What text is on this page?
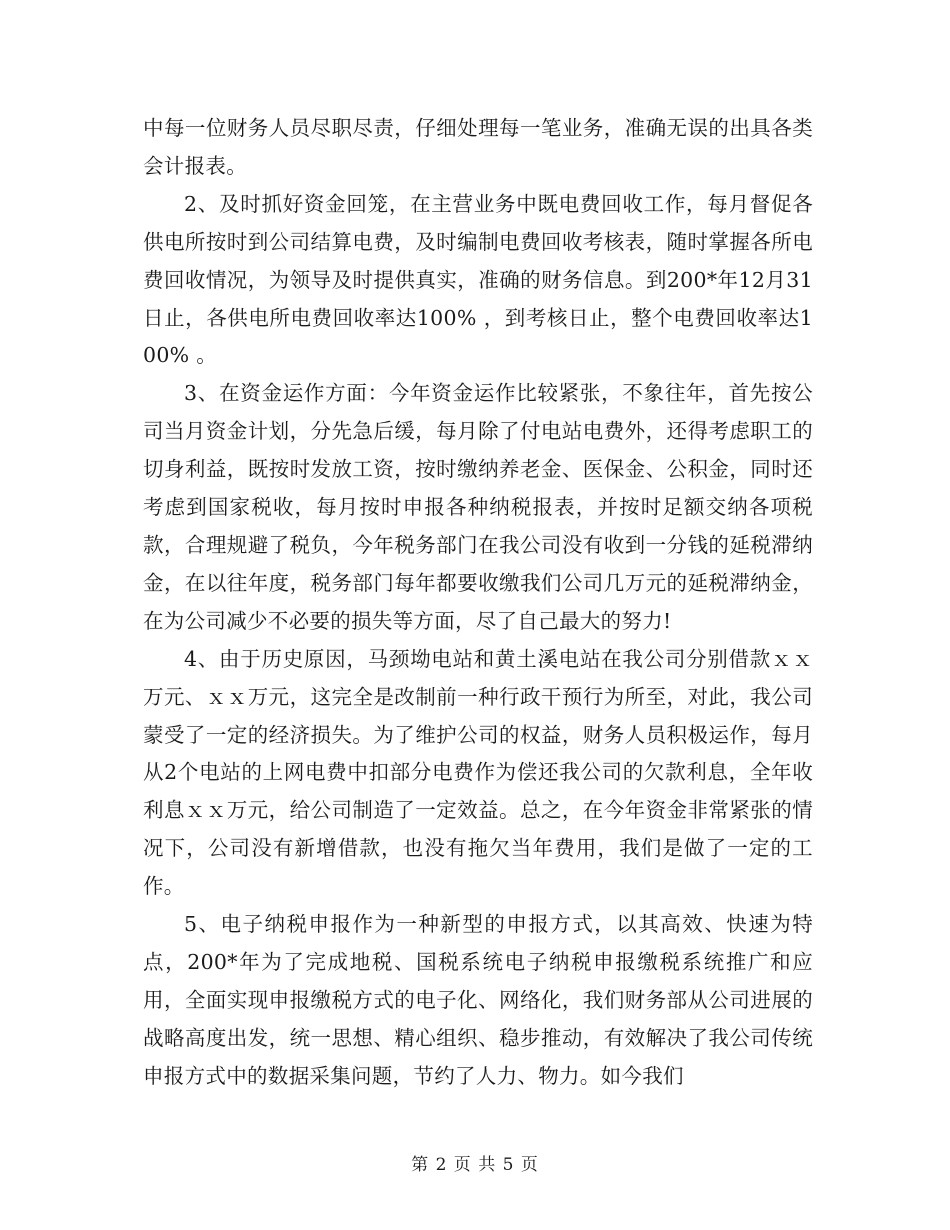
中每一位财务人员尽职尽责，仔细处理每一笔业务，准确无误的出具各类会计报表。

2、及时抓好资金回笼，在主营业务中既电费回收工作，每月督促各供电所按时到公司结算电费，及时编制电费回收考核表，随时掌握各所电费回收情况，为领导及时提供真实，准确的财务信息。到200*年12月31日止，各供电所电费回收率达100% ，到考核日止，整个电费回收率达100% 。

3、在资金运作方面：今年资金运作比较紧张，不象往年，首先按公司当月资金计划，分先急后缓，每月除了付电站电费外，还得考虑职工的切身利益，既按时发放工资，按时缴纳养老金、医保金、公积金，同时还考虑到国家税收，每月按时申报各种纳税报表，并按时足额交纳各项税款，合理规避了税负，今年税务部门在我公司没有收到一分钱的延税滞纳金，在以往年度，税务部门每年都要收缴我们公司几万元的延税滞纳金，在为公司减少不必要的损失等方面，尽了自己最大的努力!

4、由于历史原因，马颈坳电站和黄土溪电站在我公司分别借款ｘｘ万元、ｘｘ万元，这完全是改制前一种行政干预行为所至，对此，我公司蒙受了一定的经济损失。为了维护公司的权益，财务人员积极运作，每月从2个电站的上网电费中扣部分电费作为偿还我公司的欠款利息，全年收利息ｘｘ万元，给公司制造了一定效益。总之，在今年资金非常紧张的情况下，公司没有新增借款，也没有拖欠当年费用，我们是做了一定的工作。

5、电子纳税申报作为一种新型的申报方式，以其高效、快速为特点，200*年为了完成地税、国税系统电子纳税申报缴税系统推广和应用，全面实现申报缴税方式的电子化、网络化，我们财务部从公司进展的战略高度出发，统一思想、精心组织、稳步推动，有效解决了我公司传统申报方式中的数据采集问题，节约了人力、物力。如今我们

第 2 页 共 5 页
